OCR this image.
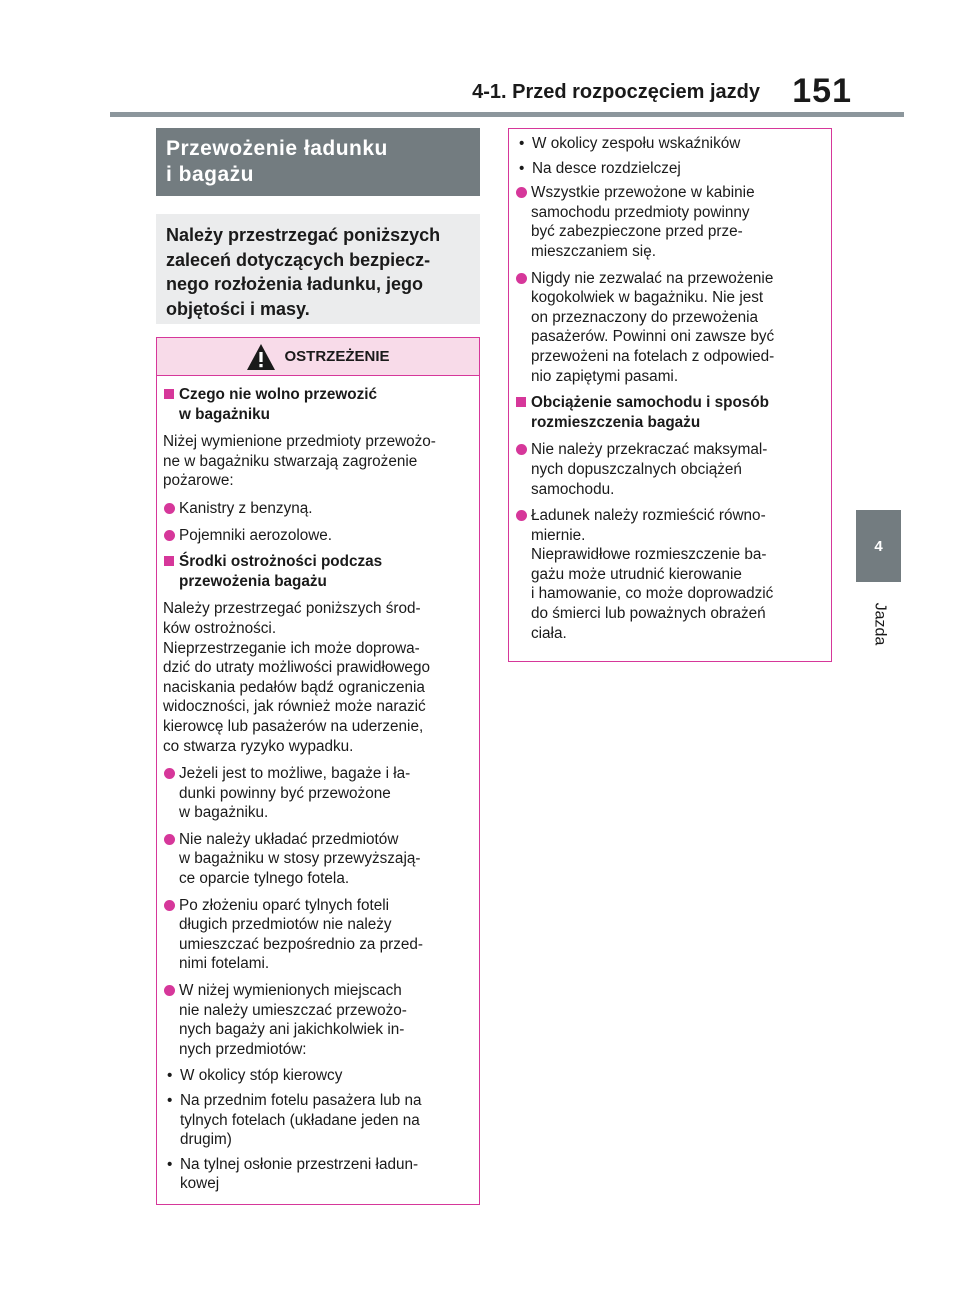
4-1. Przed rozpoczęciem jazdy 151
4
Jazda
Przewożenie ładunku
i bagażu
Należy przestrzegać poniższych
zaleceń dotyczących bezpiecz-
nego rozłożenia ładunku, jego
objętości i masy.
OSTRZEŻENIE
Czego nie wolno przewozić
w bagażniku
Niżej wymienione przedmioty przewożo-
ne w bagażniku stwarzają zagrożenie
pożarowe:
Kanistry z benzyną.
Pojemniki aerozolowe.
Środki ostrożności podczas
przewożenia bagażu
Należy przestrzegać poniższych środ-
ków ostrożności.
Nieprzestrzeganie ich może doprowa-
dzić do utraty możliwości prawidłowego
naciskania pedałów bądź ograniczenia
widoczności, jak również może narazić
kierowcę lub pasażerów na uderzenie,
co stwarza ryzyko wypadku.
Jeżeli jest to możliwe, bagaże i ła-
dunki powinny być przewożone
w bagażniku.
Nie należy układać przedmiotów
w bagażniku w stosy przewyższają-
ce oparcie tylnego fotela.
Po złożeniu oparć tylnych foteli
długich przedmiotów nie należy
umieszczać bezpośrednio za przed-
nimi fotelami.
W niżej wymienionych miejscach
nie należy umieszczać przewożo-
nych bagaży ani jakichkolwiek in-
nych przedmiotów:
• W okolicy stóp kierowcy
• Na przednim fotelu pasażera lub na
tylnych fotelach (układane jeden na
drugim)
• Na tylnej osłonie przestrzeni ładun-
kowej
• W okolicy zespołu wskaźników
• Na desce rozdzielczej
Wszystkie przewożone w kabinie
samochodu przedmioty powinny
być zabezpieczone przed prze-
mieszczaniem się.
Nigdy nie zezwalać na przewożenie
kogokolwiek w bagażniku. Nie jest
on przeznaczony do przewożenia
pasażerów. Powinni oni zawsze być
przewożeni na fotelach z odpowied-
nio zapiętymi pasami.
Obciążenie samochodu i sposób
rozmieszczenia bagażu
Nie należy przekraczać maksymal-
nych dopuszczalnych obciążeń
samochodu.
Ładunek należy rozmieścić równo-
miernie.
Nieprawidłowe rozmieszczenie ba-
gażu może utrudnić kierowanie
i hamowanie, co może doprowadzić
do śmierci lub poważnych obrażeń
ciała.
